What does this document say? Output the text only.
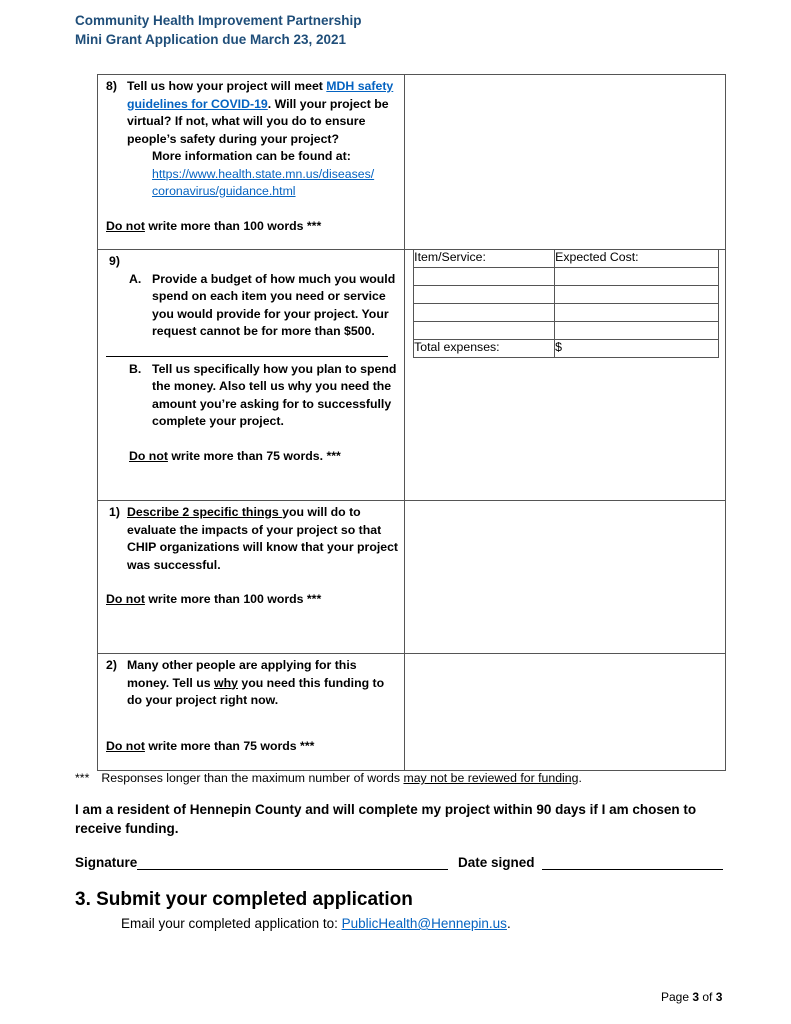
Community Health Improvement Partnership
Mini Grant Application due March 23, 2021
8) Tell us how your project will meet MDH safety guidelines for COVID-19. Will your project be virtual? If not, what will you do to ensure people’s safety during your project?
More information can be found at:
https://www.health.state.mn.us/diseases/
coronavirus/guidance.html
Do not write more than 100 words ***

9)
A. Provide a budget of how much you would spend on each item you need or service you would provide for your project. Your request cannot be for more than $500.
B. Tell us specifically how you plan to spend the money. Also tell us why you need the amount you’re asking for to successfully complete your project.
Do not write more than 75 words. ***

Item/Service:	Expected Cost:

Total expenses:	$

1) Describe 2 specific things you will do to evaluate the impacts of your project so that CHIP organizations will know that your project was successful.
Do not write more than 100 words ***

2) Many other people are applying for this money. Tell us why you need this funding to do your project right now.
Do not write more than 75 words ***

*** Responses longer than the maximum number of words may not be reviewed for funding.
I am a resident of Hennepin County and will complete my project within 90 days if I am chosen to receive funding.
Signature	Date signed
3. Submit your completed application
Email your completed application to: PublicHealth@Hennepin.us.
Page 3 of 3
